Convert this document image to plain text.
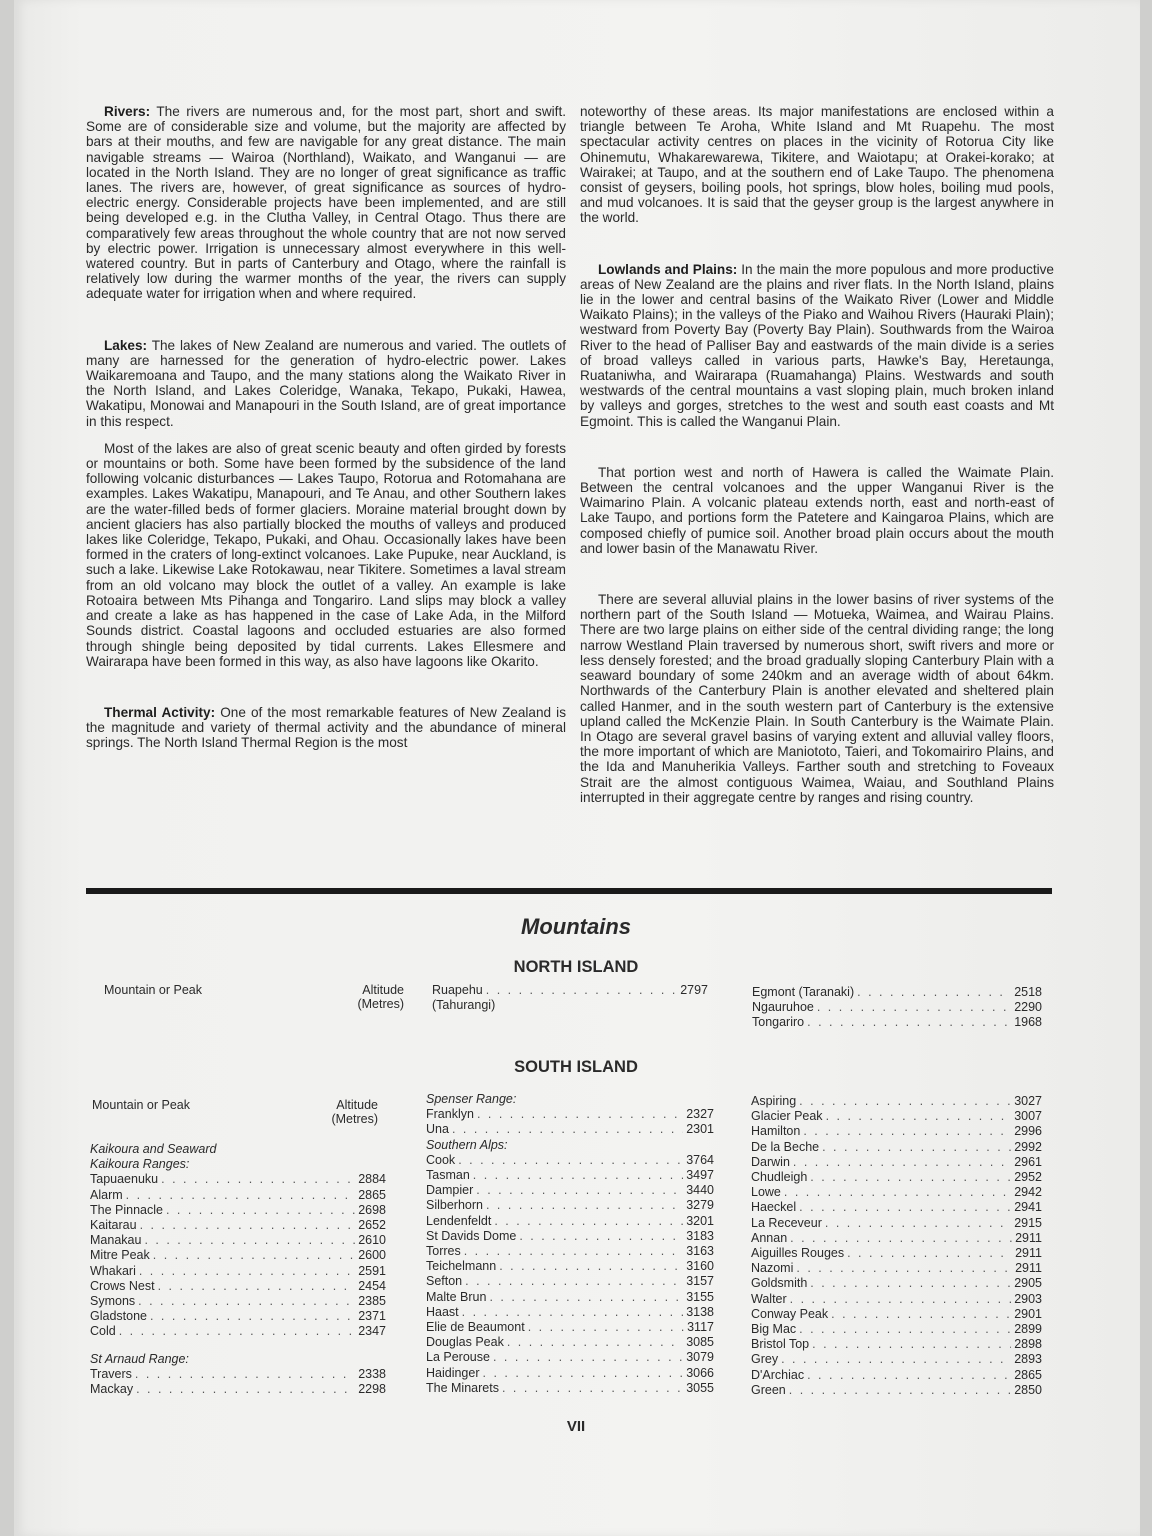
Rivers: The rivers are numerous and, for the most part, short and swift. Some are of considerable size and volume, but the majority are affected by bars at their mouths, and few are navigable for any great distance. The main navigable streams — Wairoa (Northland), Waikato, and Wanganui — are located in the North Island. They are no longer of great significance as traffic lanes. The rivers are, however, of great significance as sources of hydro-electric energy. Considerable projects have been implemented, and are still being developed e.g. in the Clutha Valley, in Central Otago. Thus there are comparatively few areas throughout the whole country that are not now served by electric power. Irrigation is unnecessary almost everywhere in this well-watered country. But in parts of Canterbury and Otago, where the rainfall is relatively low during the warmer months of the year, the rivers can supply adequate water for irrigation when and where required.

Lakes: The lakes of New Zealand are numerous and varied. The outlets of many are harnessed for the generation of hydro-electric power. Lakes Waikaremoana and Taupo, and the many stations along the Waikato River in the North Island, and Lakes Coleridge, Wanaka, Tekapo, Pukaki, Hawea, Wakatipu, Monowai and Manapouri in the South Island, are of great importance in this respect.

Most of the lakes are also of great scenic beauty and often girded by forests or mountains or both. Some have been formed by the subsidence of the land following volcanic disturbances — Lakes Taupo, Rotorua and Rotomahana are examples. Lakes Wakatipu, Manapouri, and Te Anau, and other Southern lakes are the water-filled beds of former glaciers. Moraine material brought down by ancient glaciers has also partially blocked the mouths of valleys and produced lakes like Coleridge, Tekapo, Pukaki, and Ohau. Occasionally lakes have been formed in the craters of long-extinct volcanoes. Lake Pupuke, near Auckland, is such a lake. Likewise Lake Rotokawau, near Tikitere. Sometimes a laval stream from an old volcano may block the outlet of a valley. An example is lake Rotoaira between Mts Pihanga and Tongariro. Land slips may block a valley and create a lake as has happened in the case of Lake Ada, in the Milford Sounds district. Coastal lagoons and occluded estuaries are also formed through shingle being deposited by tidal currents. Lakes Ellesmere and Wairarapa have been formed in this way, as also have lagoons like Okarito.

Thermal Activity: One of the most remarkable features of New Zealand is the magnitude and variety of thermal activity and the abundance of mineral springs. The North Island Thermal Region is the most

noteworthy of these areas. Its major manifestations are enclosed within a triangle between Te Aroha, White Island and Mt Ruapehu. The most spectacular activity centres on places in the vicinity of Rotorua City like Ohinemutu, Whakarewarewa, Tikitere, and Waiotapu; at Orakei-korako; at Wairakei; at Taupo, and at the southern end of Lake Taupo. The phenomena consist of geysers, boiling pools, hot springs, blow holes, boiling mud pools, and mud volcanoes. It is said that the geyser group is the largest anywhere in the world.

Lowlands and Plains: In the main the more populous and more productive areas of New Zealand are the plains and river flats. In the North Island, plains lie in the lower and central basins of the Waikato River (Lower and Middle Waikato Plains); in the valleys of the Piako and Waihou Rivers (Hauraki Plain); westward from Poverty Bay (Poverty Bay Plain). Southwards from the Wairoa River to the head of Palliser Bay and eastwards of the main divide is a series of broad valleys called in various parts, Hawke's Bay, Heretaunga, Ruataniwha, and Wairarapa (Ruamahanga) Plains. Westwards and south westwards of the central mountains a vast sloping plain, much broken inland by valleys and gorges, stretches to the west and south east coasts and Mt Egmoint. This is called the Wanganui Plain.

That portion west and north of Hawera is called the Waimate Plain. Between the central volcanoes and the upper Wanganui River is the Waimarino Plain. A volcanic plateau extends north, east and north-east of Lake Taupo, and portions form the Patetere and Kaingaroa Plains, which are composed chiefly of pumice soil. Another broad plain occurs about the mouth and lower basin of the Manawatu River.

There are several alluvial plains in the lower basins of river systems of the northern part of the South Island — Motueka, Waimea, and Wairau Plains. There are two large plains on either side of the central dividing range; the long narrow Westland Plain traversed by numerous short, swift rivers and more or less densely forested; and the broad gradually sloping Canterbury Plain with a seaward boundary of some 240km and an average width of about 64km. Northwards of the Canterbury Plain is another elevated and sheltered plain called Hanmer, and in the south western part of Canterbury is the extensive upland called the McKenzie Plain. In South Canterbury is the Waimate Plain. In Otago are several gravel basins of varying extent and alluvial valley floors, the more important of which are Maniototo, Taieri, and Tokomairiro Plains, and the Ida and Manuherikia Valleys. Farther south and stretching to Foveaux Strait are the almost contiguous Waimea, Waiau, and Southland Plains interrupted in their aggregate centre by ranges and rising country.

Mountains
NORTH ISLAND
Mountain or Peak	Altitude
(Metres)
Ruapehu . . .	2797
(Tahurangi)
Egmont (Taranaki) . . .	2518
Ngauruhoe . . .	2290
Tongariro . . .	1968
SOUTH ISLAND
Mountain or Peak	Altitude
(Metres)
Kaikoura and Seaward
Kaikoura Ranges:
Tapuaenuku . . .	2884
Alarm . . .	2865
The Pinnacle . . .	2698
Kaitarau . . .	2652
Manakau . . .	2610
Mitre Peak . . .	2600
Whakari . . .	2591
Crows Nest . . .	2454
Symons . . .	2385
Gladstone . . .	2371
Cold . . .	2347
St Arnaud Range:
Travers . . .	2338
Mackay . . .	2298
Spenser Range:
Franklyn . . .	2327
Una . . .	2301
Southern Alps:
Cook . . .	3764
Tasman . . .	3497
Dampier . . .	3440
Silberhorn . . .	3279
Lendenfeldt . . .	3201
St Davids Dome . . .	3183
Torres . . .	3163
Teichelmann . . .	3160
Sefton . . .	3157
Malte Brun . . .	3155
Haast . . .	3138
Elie de Beaumont . . .	3117
Douglas Peak . . .	3085
La Perouse . . .	3079
Haidinger . . .	3066
The Minarets . . .	3055
Aspiring . . .	3027
Glacier Peak . . .	3007
Hamilton . . .	2996
De la Beche . . .	2992
Darwin . . .	2961
Chudleigh . . .	2952
Lowe . . .	2942
Haeckel . . .	2941
La Receveur . . .	2915
Annan . . .	2911
Aiguilles Rouges . . .	2911
Nazomi . . .	2911
Goldsmith . . .	2905
Walter . . .	2903
Conway Peak . . .	2901
Big Mac . . .	2899
Bristol Top . . .	2898
Grey . . .	2893
D'Archiac . . .	2865
Green . . .	2850
VII
